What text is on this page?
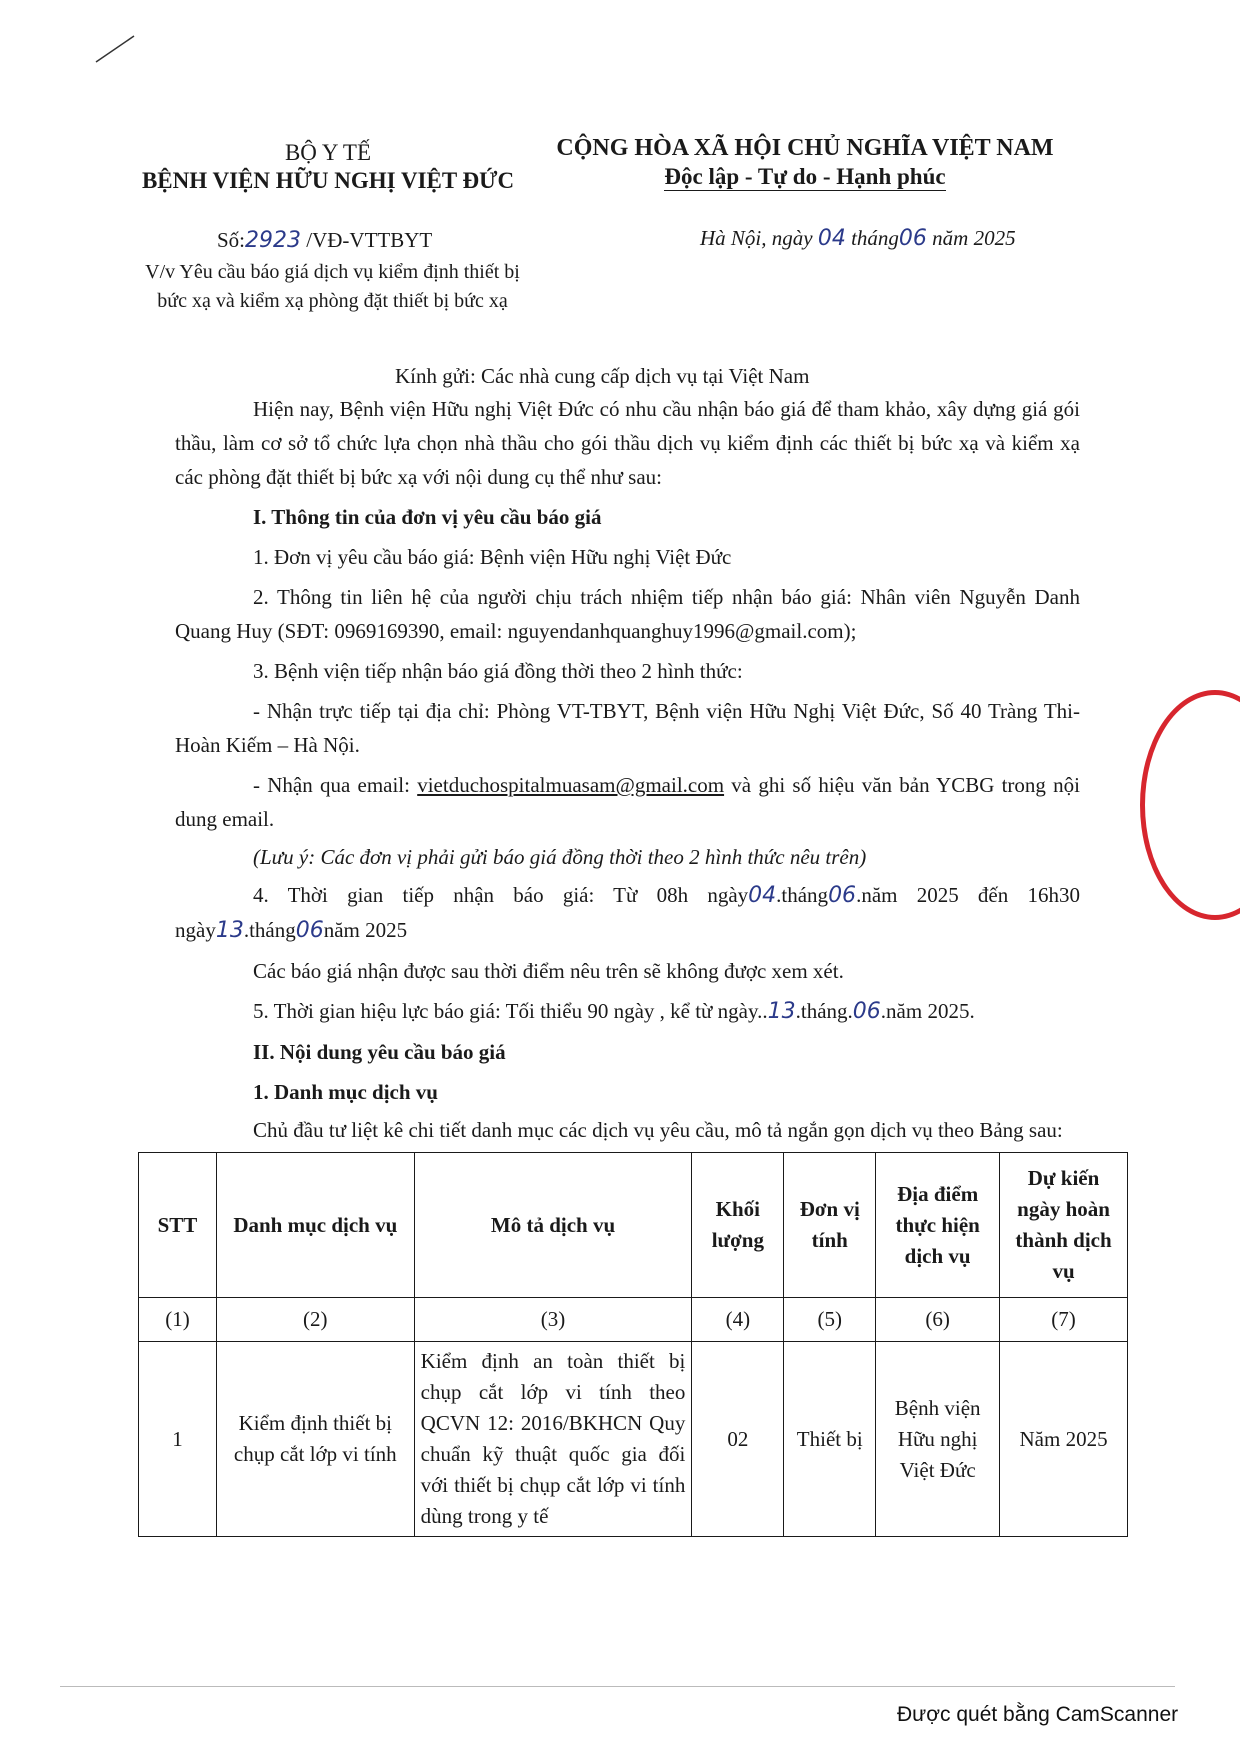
BỘ Y TẾ
BỆNH VIỆN HỮU NGHỊ VIỆT ĐỨC
CỘNG HÒA XÃ HỘI CHỦ NGHĨA VIỆT NAM
Độc lập - Tự do - Hạnh phúc
Số:2923 /VĐ-VTTBYT	Hà Nội, ngày 04 tháng06 năm 2025
V/v Yêu cầu báo giá dịch vụ kiểm định thiết bị bức xạ và kiểm xạ phòng đặt thiết bị bức xạ
Kính gửi: Các nhà cung cấp dịch vụ tại Việt Nam

Hiện nay, Bệnh viện Hữu nghị Việt Đức có nhu cầu nhận báo giá để tham khảo, xây dựng giá gói thầu, làm cơ sở tổ chức lựa chọn nhà thầu cho gói thầu dịch vụ kiểm định các thiết bị bức xạ và kiểm xạ các phòng đặt thiết bị bức xạ với nội dung cụ thể như sau:

I. Thông tin của đơn vị yêu cầu báo giá

1. Đơn vị yêu cầu báo giá: Bệnh viện Hữu nghị Việt Đức

2. Thông tin liên hệ của người chịu trách nhiệm tiếp nhận báo giá: Nhân viên Nguyễn Danh Quang Huy (SĐT: 0969169390, email: nguyendanhquanghuy1996@gmail.com);

3. Bệnh viện tiếp nhận báo giá đồng thời theo 2 hình thức:

- Nhận trực tiếp tại địa chỉ: Phòng VT-TBYT, Bệnh viện Hữu Nghị Việt Đức, Số 40 Tràng Thi- Hoàn Kiếm – Hà Nội.

- Nhận qua email: vietduchospitalmuasam@gmail.com và ghi số hiệu văn bản YCBG trong nội dung email.

(Lưu ý: Các đơn vị phải gửi báo giá đồng thời theo 2 hình thức nêu trên)

4. Thời gian tiếp nhận báo giá: Từ 08h ngày04.tháng06.năm 2025 đến 16h30 ngày13.tháng06năm 2025

Các báo giá nhận được sau thời điểm nêu trên sẽ không được xem xét.

5. Thời gian hiệu lực báo giá: Tối thiểu 90 ngày , kể từ ngày..13.tháng.06.năm 2025.

II. Nội dung yêu cầu báo giá

1. Danh mục dịch vụ

Chủ đầu tư liệt kê chi tiết danh mục các dịch vụ yêu cầu, mô tả ngắn gọn dịch vụ theo Bảng sau:

STT	Danh mục dịch vụ	Mô tả dịch vụ	Khối lượng	Đơn vị tính	Địa điểm thực hiện dịch vụ	Dự kiến ngày hoàn thành dịch vụ
(1)	(2)	(3)	(4)	(5)	(6)	(7)
1	Kiểm định thiết bị chụp cắt lớp vi tính	Kiểm định an toàn thiết bị chụp cắt lớp vi tính theo QCVN 12: 2016/BKHCN Quy chuẩn kỹ thuật quốc gia đối với thiết bị chụp cắt lớp vi tính dùng trong y tế	02	Thiết bị	Bệnh viện Hữu nghị Việt Đức	Năm 2025
Được quét bằng CamScanner
